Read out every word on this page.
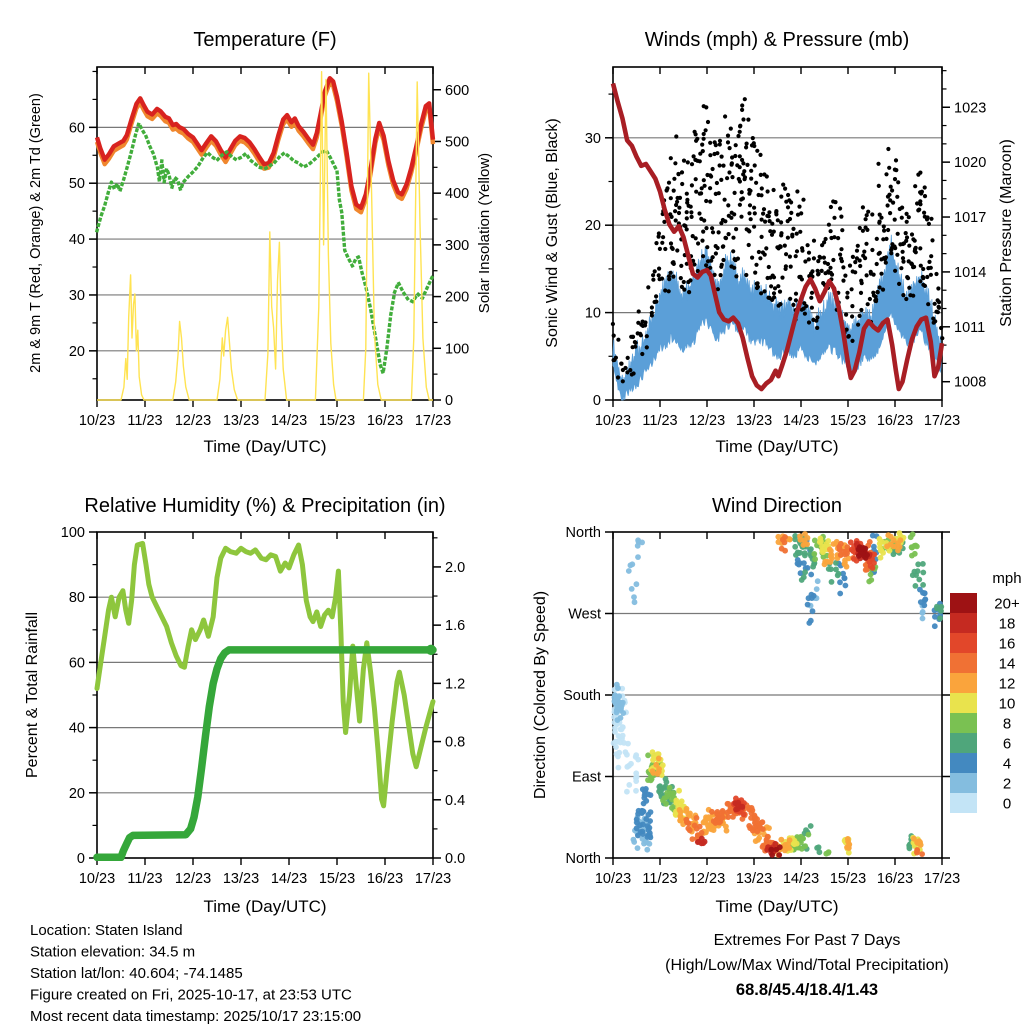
Temperature (F)	Winds (mph) & Pressure (mb)
Relative Humidity (%) & Precipitation (in)	Wind Direction
2m & 9m T (Red, Orange) & 2m Td (Green)	Solar Insolation (Yellow)	Sonic Wind & Gust (Blue, Black)	Station Pressure (Maroon)
Percent & Total Rainfall	Direction (Colored By Speed)
Time (Day/UTC)	Time (Day/UTC)
Time (Day/UTC)	Time (Day/UTC)
10/23 11/23 12/23 13/23 14/23 15/23 16/23 17/23
20
30
40
50
60
0
100
200
300
400
500
600
10/23 11/23 12/23 13/23 14/23 15/23 16/23 17/23
0
10
20
30
1008
1011
1014
1017
1020
1023
10/23 11/23 12/23 13/23 14/23 15/23 16/23 17/23
0
20
40
60
80
100
0.0
0.4
0.8
1.2
1.6
2.0
10/23 11/23 12/23 13/23 14/23 15/23 16/23 17/23
North
West
South
East
North
mph
20+
18
16
14
12
10
8
6
4
2
0
Location: Staten Island
Station elevation: 34.5 m
Station lat/lon: 40.604; -74.1485
Figure created on Fri, 2025-10-17, at 23:53 UTC
Most recent data timestamp: 2025/10/17 23:15:00
Extremes For Past 7 Days
(High/Low/Max Wind/Total Precipitation)
68.8/45.4/18.4/1.43
